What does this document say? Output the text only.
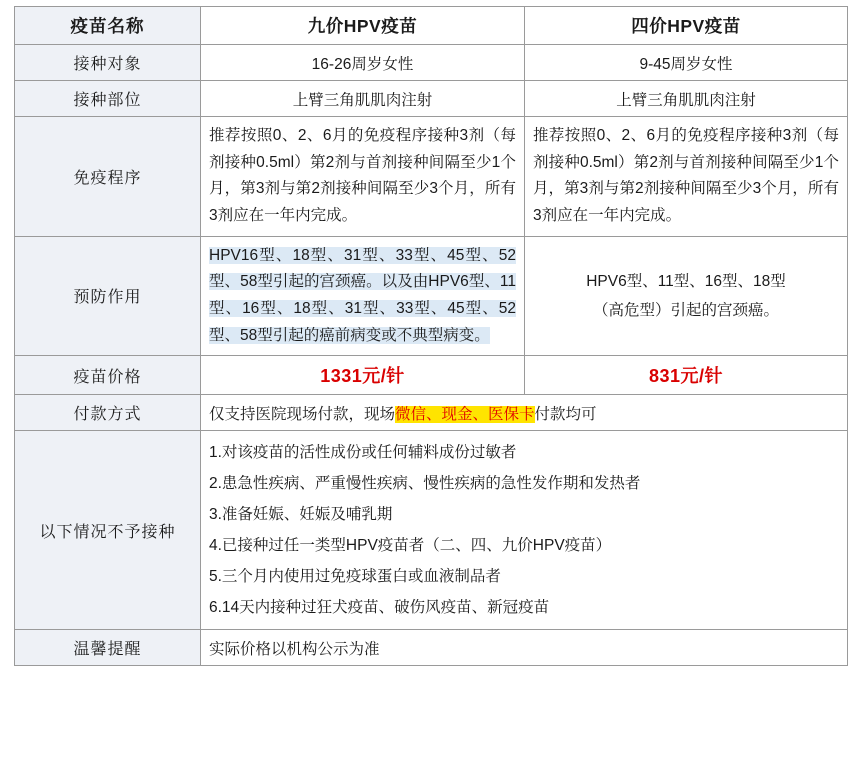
疫苗名称	九价HPV疫苗	四价HPV疫苗
接种对象	16-26周岁女性	9-45周岁女性
接种部位	上臂三角肌肌肉注射	上臂三角肌肌肉注射
免疫程序	推荐按照0、2、6月的免疫程序接种3剂（每剂接种0.5ml）第2剂与首剂接种间隔至少1个月，第3剂与第2剂接种间隔至少3个月，所有3剂应在一年内完成。	推荐按照0、2、6月的免疫程序接种3剂（每剂接种0.5ml）第2剂与首剂接种间隔至少1个月，第3剂与第2剂接种间隔至少3个月，所有3剂应在一年内完成。
预防作用	HPV16型、18型、31型、33型、45型、52型、58型引起的宫颈癌。以及由HPV6型、11型、16型、18型、31型、33型、45型、52型、58型引起的癌前病变或不典型病变。	HPV6型、11型、16型、18型
（高危型）引起的宫颈癌。

疫苗价格	1331元/针	831元/针
付款方式	仅支持医院现场付款，现场微信、现金、医保卡付款均可	
以下情况不予接种	
1.对该疫苗的活性成份或任何辅料成份过敏者
2.患急性疾病、严重慢性疾病、慢性疾病的急性发作期和发热者
3.准备妊娠、妊娠及哺乳期
4.已接种过任一类型HPV疫苗者（二、四、九价HPV疫苗）
5.三个月内使用过免疫球蛋白或血液制品者
6.14天内接种过狂犬疫苗、破伤风疫苗、新冠疫苗

温馨提醒	实际价格以机构公示为准	
